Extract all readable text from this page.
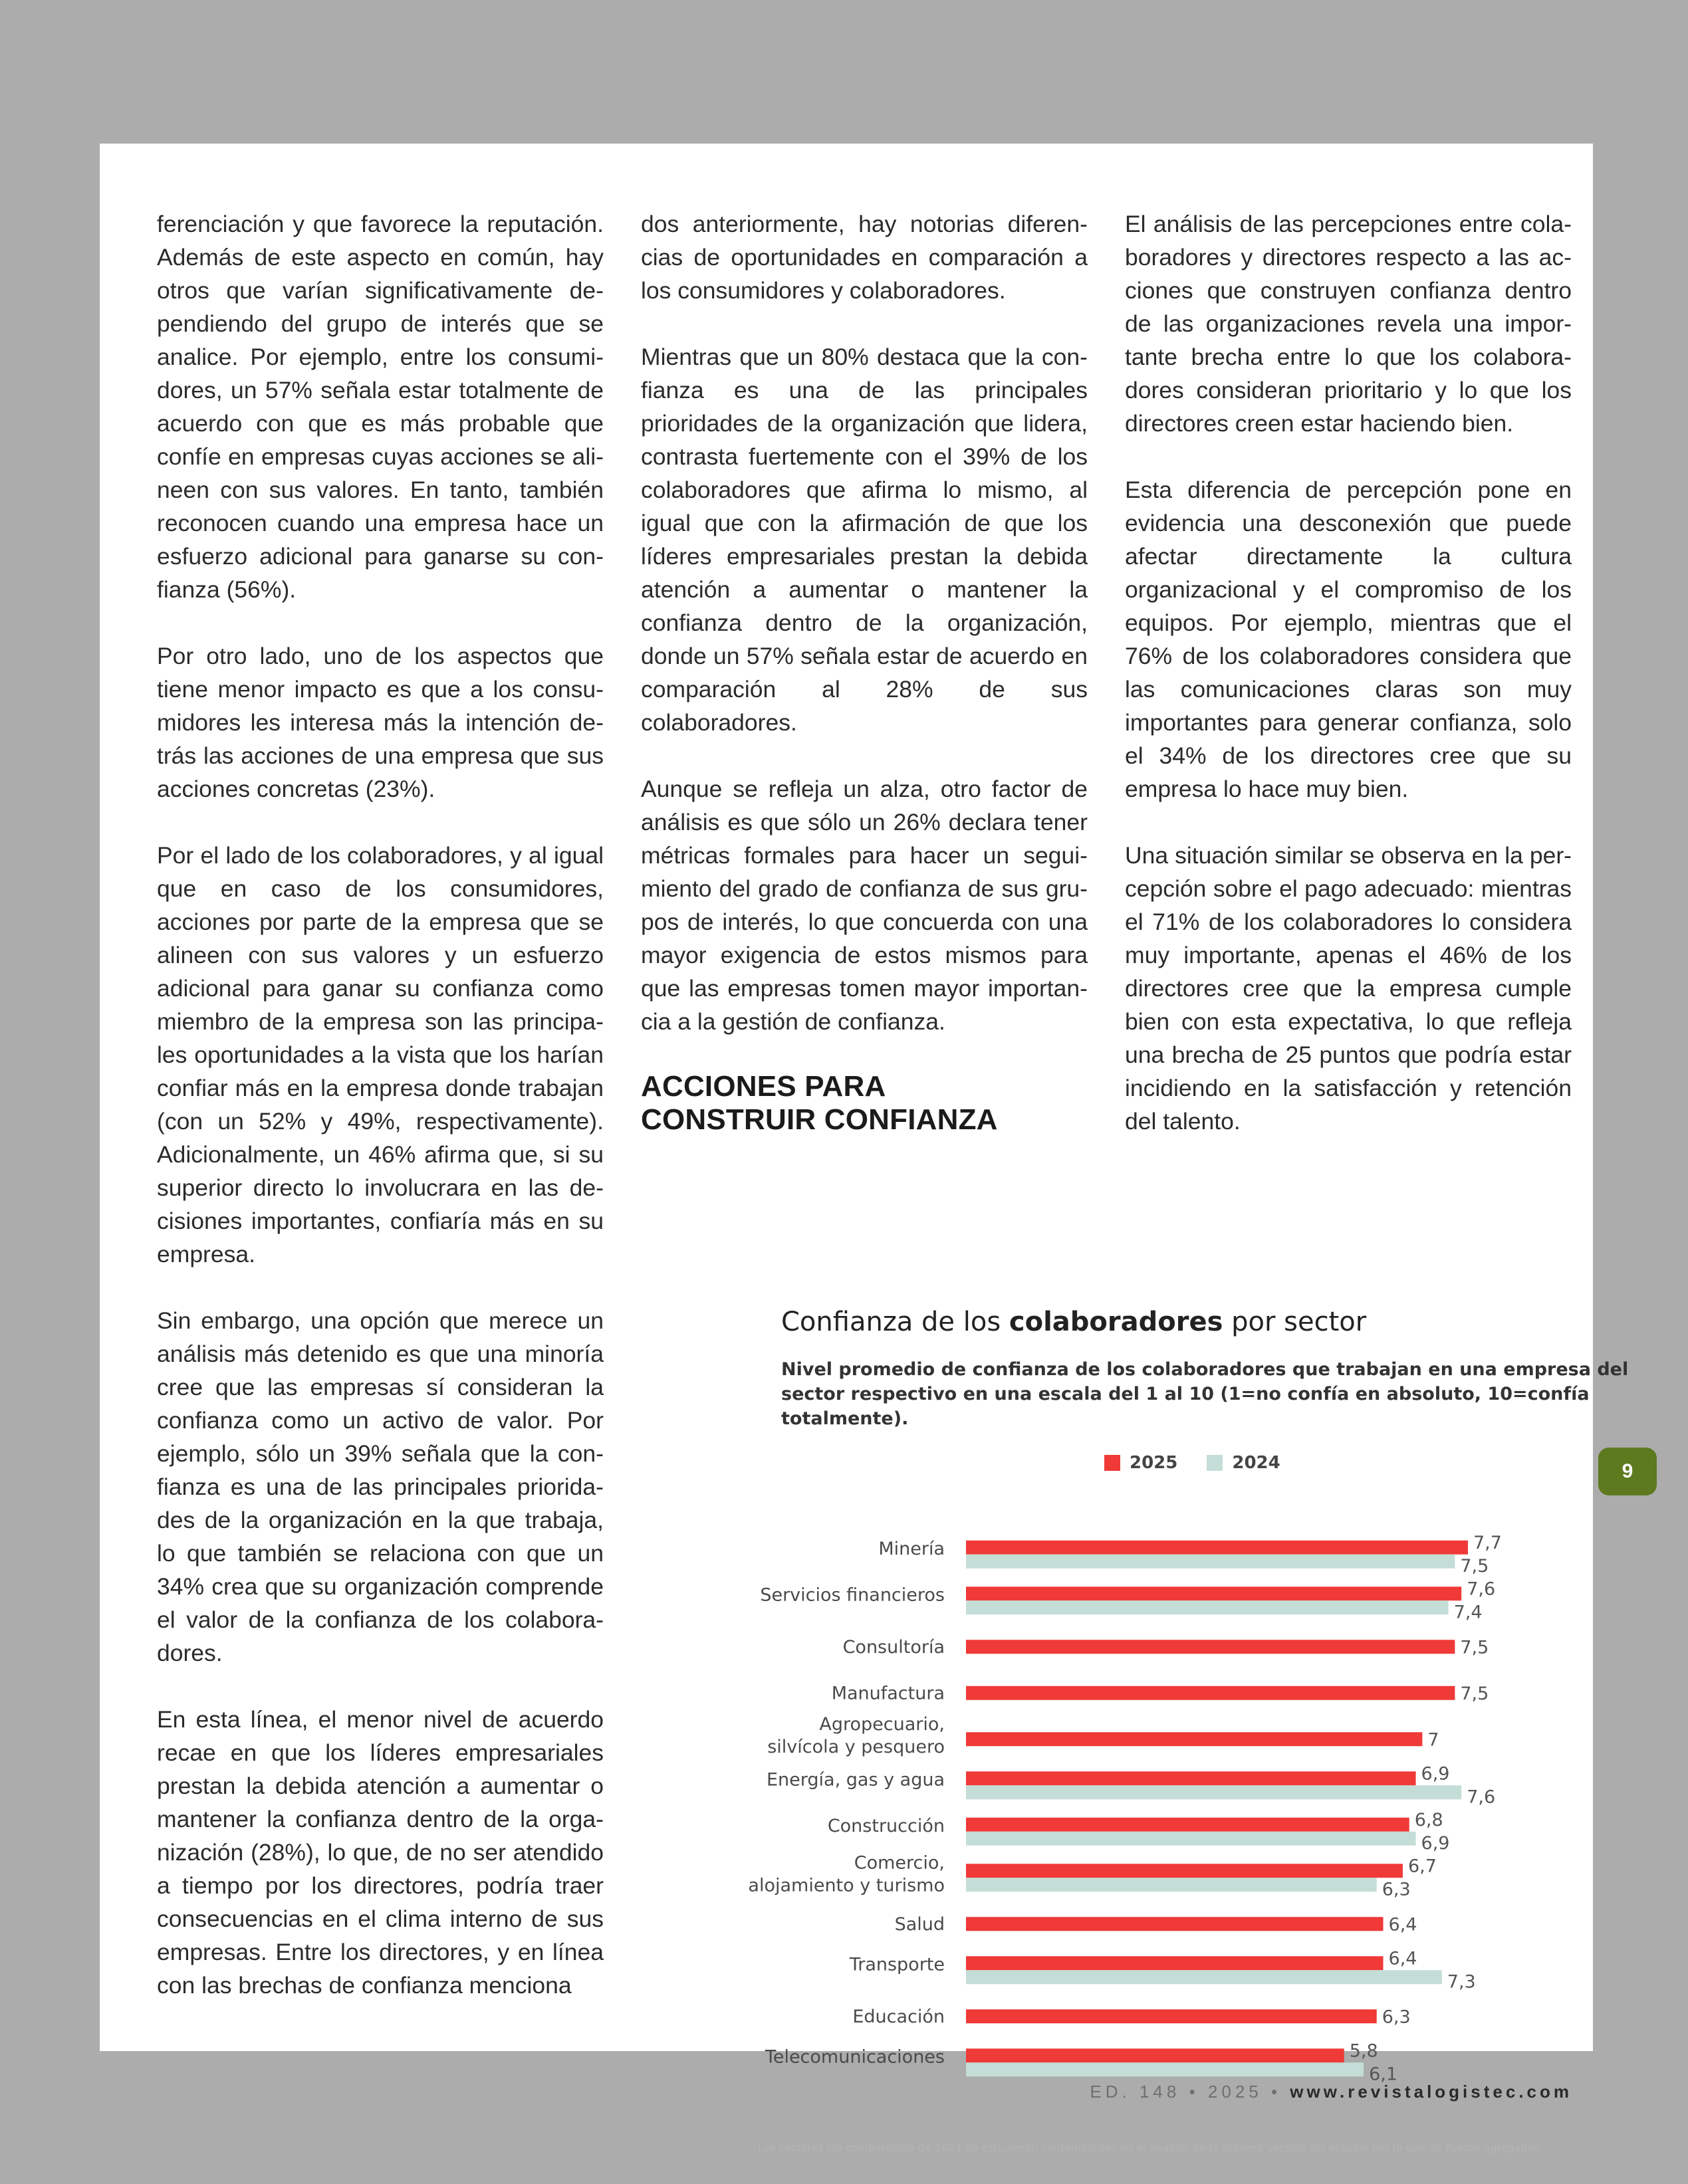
ferenciación y que favorece la reputación. Además de este aspecto en común, hay otros que varían significativamente dependiendo del grupo de interés que se analice. Por ejemplo, entre los consumidores, un 57% señala estar totalmente de acuerdo con que es más probable que confíe en empresas cuyas acciones se alineen con sus valores. En tanto, también reconocen cuando una empresa hace un esfuerzo adicional para ganarse su confianza (56%).

Por otro lado, uno de los aspectos que tiene menor impacto es que a los consumidores les interesa más la intención detrás las acciones de una empresa que sus acciones concretas (23%).

Por el lado de los colaboradores, y al igual que en caso de los consumidores, acciones por parte de la empresa que se alineen con sus valores y un esfuerzo adicional para ganar su confianza como miembro de la empresa son las principales oportunidades a la vista que los harían confiar más en la empresa donde trabajan (con un 52% y 49%, respectivamente). Adicionalmente, un 46% afirma que, si su superior directo lo involucrara en las decisiones importantes, confiaría más en su empresa.

Sin embargo, una opción que merece un análisis más detenido es que una minoría cree que las empresas sí consideran la confianza como un activo de valor. Por ejemplo, sólo un 39% señala que la confianza es una de las principales prioridades de la organización en la que trabaja, lo que también se relaciona con que un 34% crea que su organización comprende el valor de la confianza de los colaboradores.

En esta línea, el menor nivel de acuerdo recae en que los líderes empresariales prestan la debida atención a aumentar o mantener la confianza dentro de la organización (28%), lo que, de no ser atendido a tiempo por los directores, podría traer consecuencias en el clima interno de sus empresas. Entre los directores, y en línea con las brechas de confianza menciona

dos anteriormente, hay notorias diferencias de oportunidades en comparación a los consumidores y colaboradores.

Mientras que un 80% destaca que la confianza es una de las principales prioridades de la organización que lidera, contrasta fuertemente con el 39% de los colaboradores que afirma lo mismo, al igual que con la afirmación de que los líderes empresariales prestan la debida atención a aumentar o mantener la confianza dentro de la organización, donde un 57% señala estar de acuerdo en comparación al 28% de sus colaboradores.

Aunque se refleja un alza, otro factor de análisis es que sólo un 26% declara tener métricas formales para hacer un seguimiento del grado de confianza de sus grupos de interés, lo que concuerda con una mayor exigencia de estos mismos para que las empresas tomen mayor importancia a la gestión de confianza.

ACCIONES PARA
CONSTRUIR CONFIANZA

El análisis de las percepciones entre colaboradores y directores respecto a las acciones que construyen confianza dentro de las organizaciones revela una importante brecha entre lo que los colaboradores consideran prioritario y lo que los directores creen estar haciendo bien.

Esta diferencia de percepción pone en evidencia una desconexión que puede afectar directamente la cultura organizacional y el compromiso de los equipos. Por ejemplo, mientras que el 76% de los colaboradores considera que las comunicaciones claras son muy importantes para generar confianza, solo el 34% de los directores cree que su empresa lo hace muy bien.

Una situación similar se observa en la percepción sobre el pago adecuado: mientras el 71% de los colaboradores lo considera muy importante, apenas el 46% de los directores cree que la empresa cumple bien con esta expectativa, lo que refleja una brecha de 25 puntos que podría estar incidiendo en la satisfacción y retención del talento.

Confianza de los colaboradores por sector
Nivel promedio de confianza de los colaboradores que trabajan en una empresa del sector respectivo en una escala del 1 al 10 (1=no confía en absoluto, 10=confía totalmente).
2025	2024
Minería	7,7
7,5
Servicios financieros	7,6
7,4
Consultoría	7,5
Manufactura	7,5
Agropecuario, silvícola y pesquero	7
Energía, gas y agua	6,9
7,6
Construcción	6,8
6,9
Comercio, alojamiento y turismo
6,7
6,3
Salud	6,4
Transporte	6,4
7,3
Educación	6,3
Telecomunicaciones	5,8
6,1
¹Los sectores sin comparación de 2024 no estuvieron contemplados en el análisis de la primera versión del estudio por lo que no fueron agregados.
9
ED. 148 • 2025 • www.revistalogistec.com
